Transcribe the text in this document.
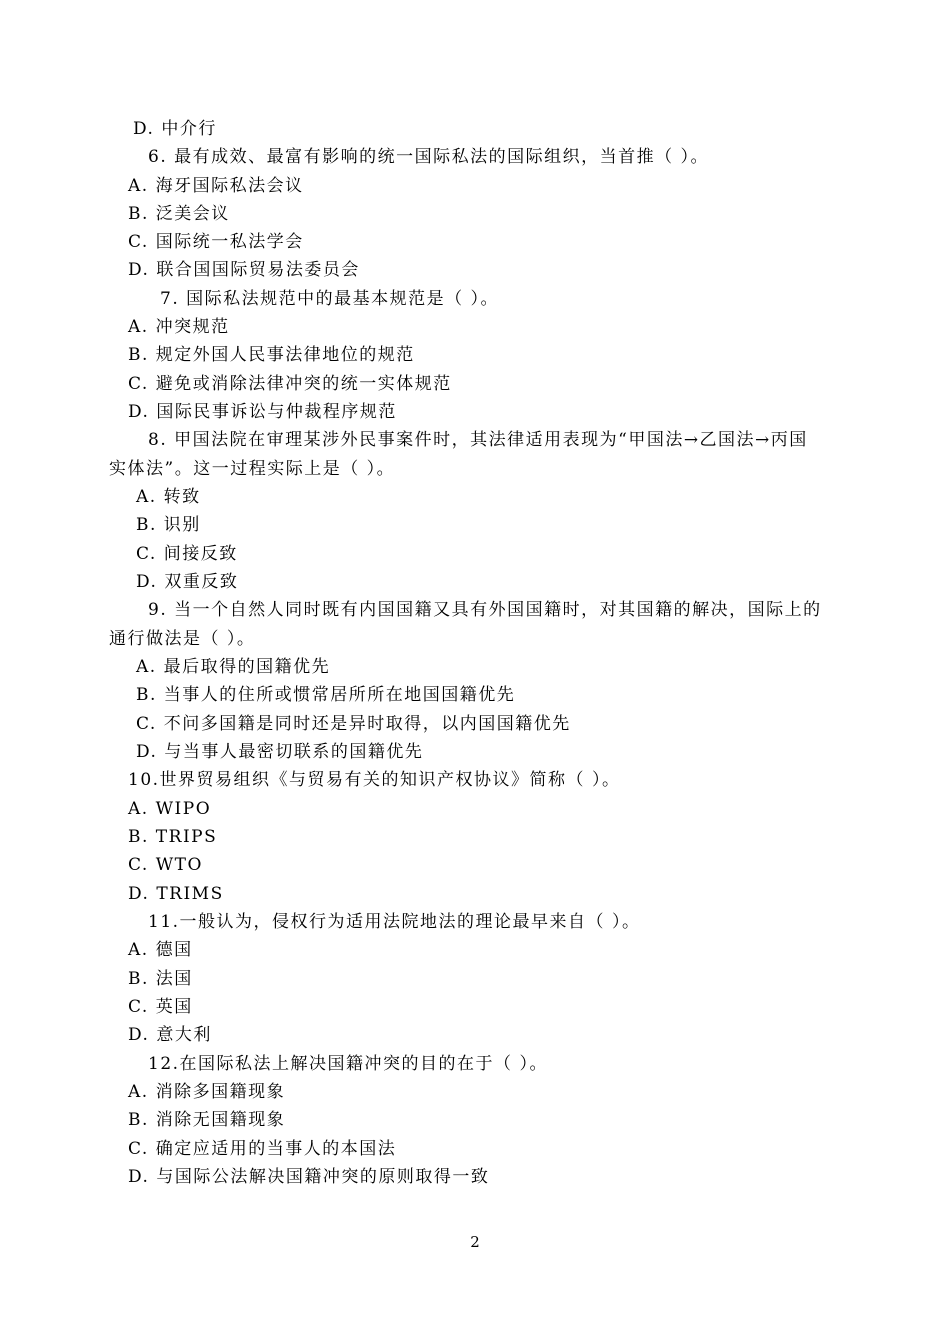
D. 中介行
6. 最有成效、最富有影响的统一国际私法的国际组织，当首推（ ）。
A. 海牙国际私法会议
B. 泛美会议
C. 国际统一私法学会
D. 联合国国际贸易法委员会
7. 国际私法规范中的最基本规范是（ ）。
A. 冲突规范
B. 规定外国人民事法律地位的规范
C. 避免或消除法律冲突的统一实体规范
D. 国际民事诉讼与仲裁程序规范
8. 甲国法院在审理某涉外民事案件时，其法律适用表现为“甲国法→乙国法→丙国
实体法”。这一过程实际上是（ ）。
A. 转致
B. 识别
C. 间接反致
D. 双重反致
9. 当一个自然人同时既有内国国籍又具有外国国籍时，对其国籍的解决，国际上的
通行做法是（ ）。
A. 最后取得的国籍优先
B. 当事人的住所或惯常居所所在地国国籍优先
C. 不问多国籍是同时还是异时取得，以内国国籍优先
D. 与当事人最密切联系的国籍优先
10.世界贸易组织《与贸易有关的知识产权协议》简称（ ）。
A. WIPO
B. TRIPS
C. WTO
D. TRIMS
11.一般认为，侵权行为适用法院地法的理论最早来自（ ）。
A. 德国
B. 法国
C. 英国
D. 意大利
12.在国际私法上解决国籍冲突的目的在于（ ）。
A. 消除多国籍现象
B. 消除无国籍现象
C. 确定应适用的当事人的本国法
D. 与国际公法解决国籍冲突的原则取得一致
2
